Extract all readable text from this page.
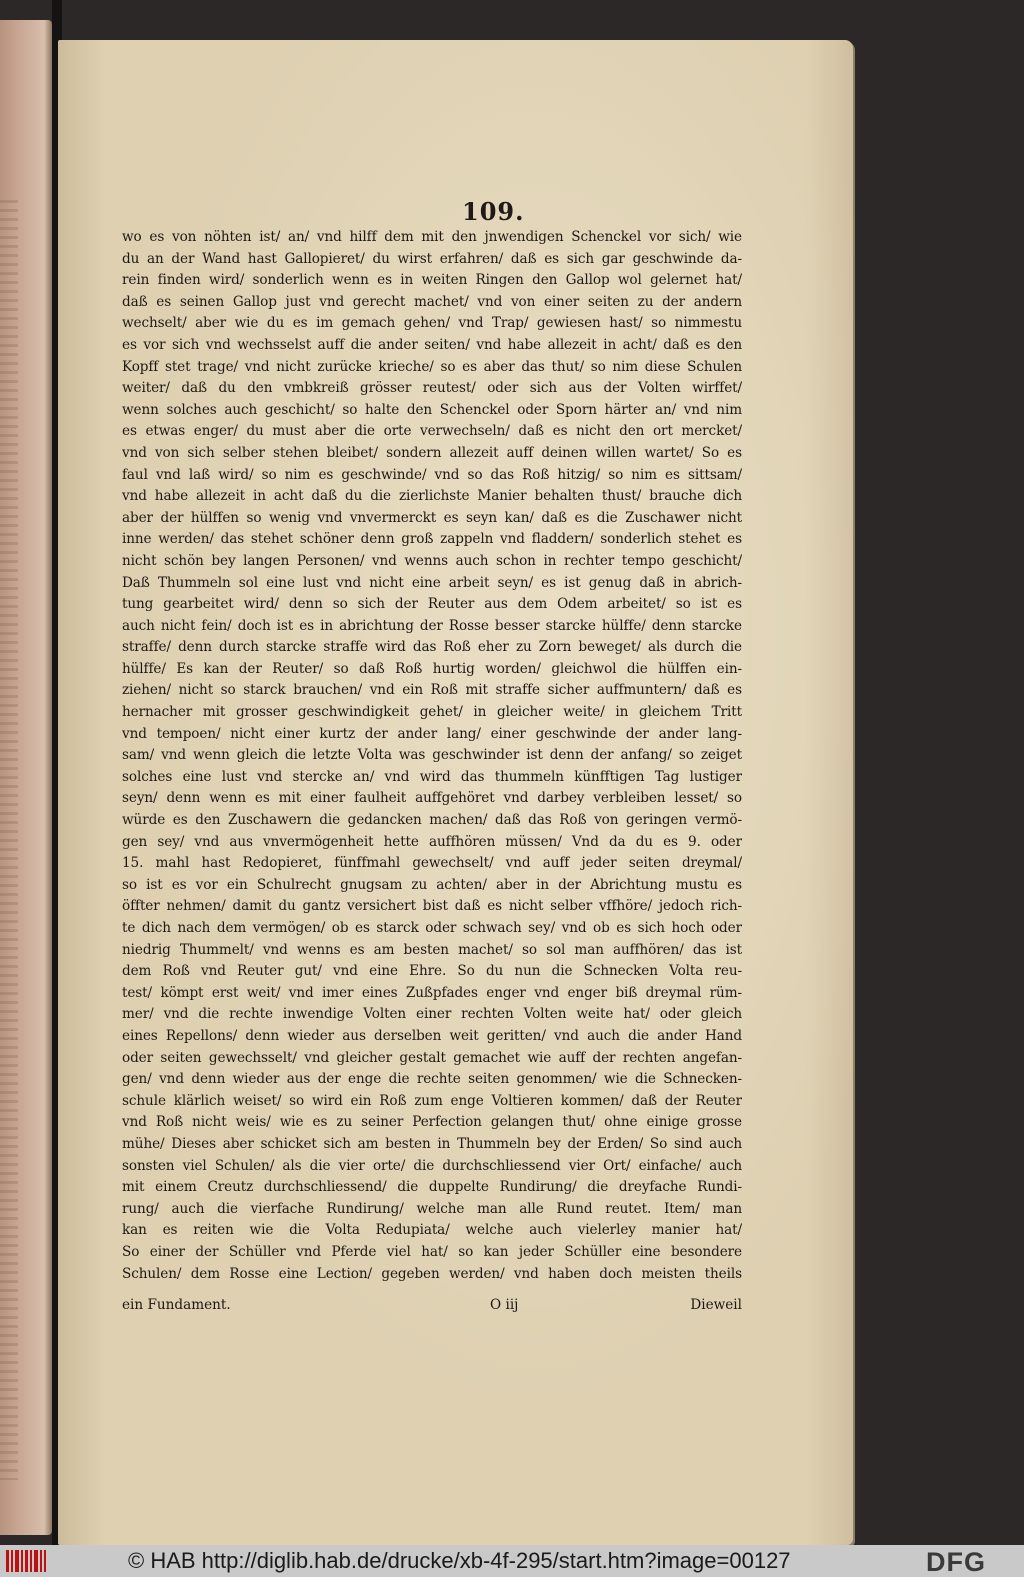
109.
wo es von nöhten ist/ an/ vnd hilff dem mit den jnwendigen Schenckel vor sich/ wie
du an der Wand hast Gallopieret/ du wirst erfahren/ daß es sich gar geschwinde da-
rein finden wird/ sonderlich wenn es in weiten Ringen den Gallop wol gelernet hat/
daß es seinen Gallop just vnd gerecht machet/ vnd von einer seiten zu der andern
wechselt/ aber wie du es im gemach gehen/ vnd Trap/ gewiesen hast/ so nimmestu
es vor sich vnd wechsselst auff die ander seiten/ vnd habe allezeit in acht/ daß es den
Kopff stet trage/ vnd nicht zurücke krieche/ so es aber das thut/ so nim diese Schulen
weiter/ daß du den vmbkreiß grösser reutest/ oder sich aus der Volten wirffet/
wenn solches auch geschicht/ so halte den Schenckel oder Sporn härter an/ vnd nim
es etwas enger/ du must aber die orte verwechseln/ daß es nicht den ort mercket/
vnd von sich selber stehen bleibet/ sondern allezeit auff deinen willen wartet/ So es
faul vnd laß wird/ so nim es geschwinde/ vnd so das Roß hitzig/ so nim es sittsam/
vnd habe allezeit in acht daß du die zierlichste Manier behalten thust/ brauche dich
aber der hülffen so wenig vnd vnvermerckt es seyn kan/ daß es die Zuschawer nicht
inne werden/ das stehet schöner denn groß zappeln vnd fladdern/ sonderlich stehet es
nicht schön bey langen Personen/ vnd wenns auch schon in rechter tempo geschicht/
Daß Thummeln sol eine lust vnd nicht eine arbeit seyn/ es ist genug daß in abrich-
tung gearbeitet wird/ denn so sich der Reuter aus dem Odem arbeitet/ so ist es
auch nicht fein/ doch ist es in abrichtung der Rosse besser starcke hülffe/ denn starcke
straffe/ denn durch starcke straffe wird das Roß eher zu Zorn beweget/ als durch die
hülffe/ Es kan der Reuter/ so daß Roß hurtig worden/ gleichwol die hülffen ein-
ziehen/ nicht so starck brauchen/ vnd ein Roß mit straffe sicher auffmuntern/ daß es
hernacher mit grosser geschwindigkeit gehet/ in gleicher weite/ in gleichem Tritt
vnd tempoen/ nicht einer kurtz der ander lang/ einer geschwinde der ander lang-
sam/ vnd wenn gleich die letzte Volta was geschwinder ist denn der anfang/ so zeiget
solches eine lust vnd stercke an/ vnd wird das thummeln künfftigen Tag lustiger
seyn/ denn wenn es mit einer faulheit auffgehöret vnd darbey verbleiben lesset/ so
würde es den Zuschawern die gedancken machen/ daß das Roß von geringen vermö-
gen sey/ vnd aus vnvermögenheit hette auffhören müssen/ Vnd da du es 9. oder
15. mahl hast Redopieret, fünffmahl gewechselt/ vnd auff jeder seiten dreymal/
so ist es vor ein Schulrecht gnugsam zu achten/ aber in der Abrichtung mustu es
öffter nehmen/ damit du gantz versichert bist daß es nicht selber vffhöre/ jedoch rich-
te dich nach dem vermögen/ ob es starck oder schwach sey/ vnd ob es sich hoch oder
niedrig Thummelt/ vnd wenns es am besten machet/ so sol man auffhören/ das ist
dem Roß vnd Reuter gut/ vnd eine Ehre. So du nun die Schnecken Volta reu-
test/ kömpt erst weit/ vnd imer eines Zußpfades enger vnd enger biß dreymal rüm-
mer/ vnd die rechte inwendige Volten einer rechten Volten weite hat/ oder gleich
eines Repellons/ denn wieder aus derselben weit geritten/ vnd auch die ander Hand
oder seiten gewechsselt/ vnd gleicher gestalt gemachet wie auff der rechten angefan-
gen/ vnd denn wieder aus der enge die rechte seiten genommen/ wie die Schnecken-
schule klärlich weiset/ so wird ein Roß zum enge Voltieren kommen/ daß der Reuter
vnd Roß nicht weis/ wie es zu seiner Perfection gelangen thut/ ohne einige grosse
mühe/ Dieses aber schicket sich am besten in Thummeln bey der Erden/ So sind auch
sonsten viel Schulen/ als die vier orte/ die durchschliessend vier Ort/ einfache/ auch
mit einem Creutz durchschliessend/ die duppelte Rundirung/ die dreyfache Rundi-
rung/ auch die vierfache Rundirung/ welche man alle Rund reutet. Item/ man
kan es reiten wie die Volta Redupiata/ welche auch vielerley manier hat/
So einer der Schüller vnd Pferde viel hat/ so kan jeder Schüller eine besondere
Schulen/ dem Rosse eine Lection/ gegeben werden/ vnd haben doch meisten theils
ein Fundament.	O iij	Dieweil
© HAB http://diglib.hab.de/drucke/xb-4f-295/start.htm?image=00127	DFG
